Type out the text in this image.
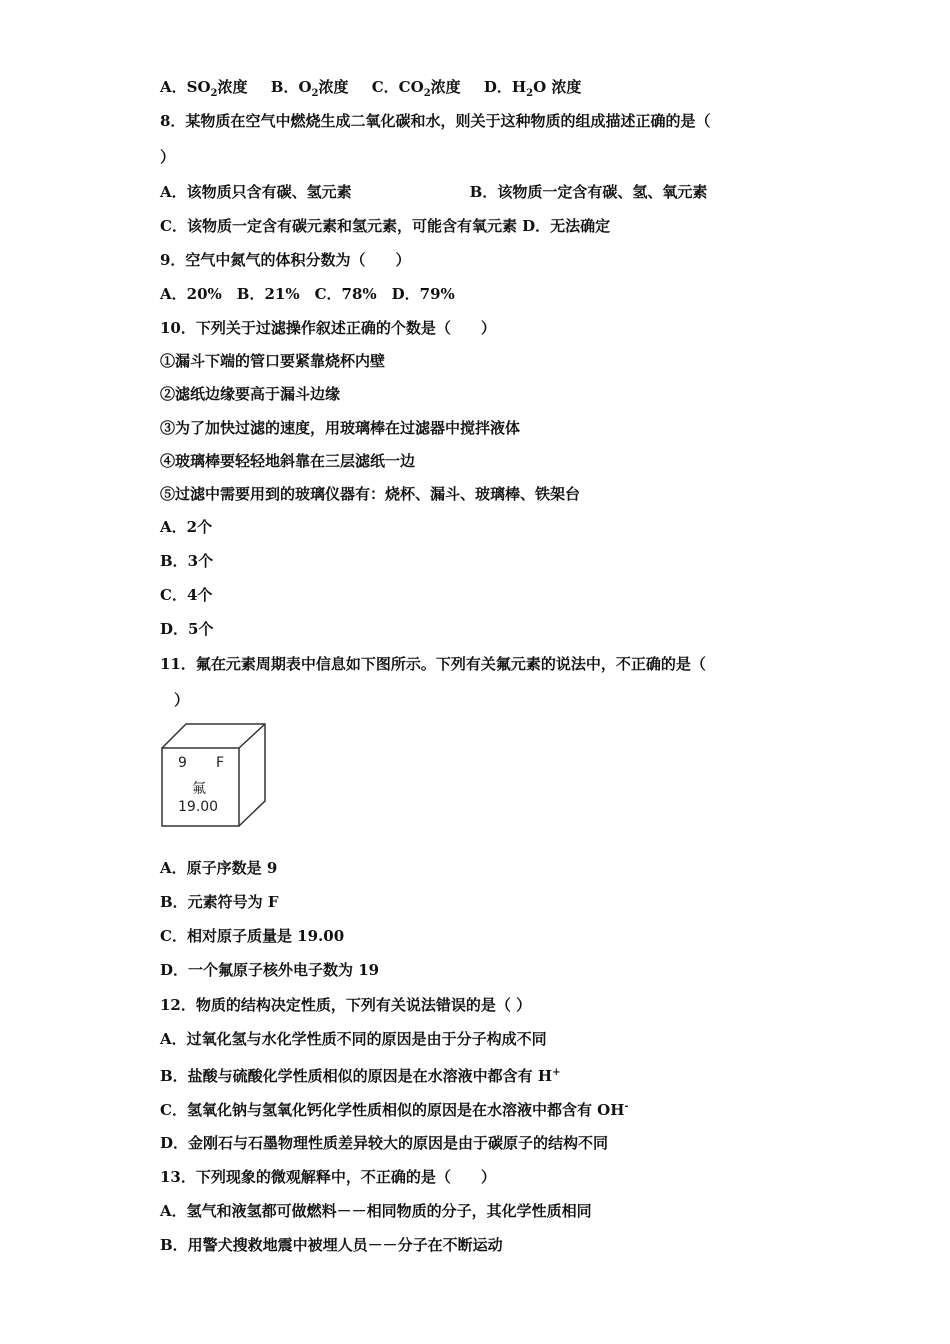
A．$SO_2$浓度 B．$O_2$浓度 C．$CO_2$浓度 D．$H_2O$ 浓度
8．某物质在空气中燃烧生成二氧化碳和水，则关于这种物质的组成描述正确的是（
）
A．该物质只含有碳、氢元素	B．该物质一定含有碳、氢、氧元素
C．该物质一定含有碳元素和氢元素，可能含有氧元素 D．无法确定
9．空气中氮气的体积分数为（　　）
A．20%　B．21%　C．78%　D．79%
10．下列关于过滤操作叙述正确的个数是（　　）
①漏斗下端的管口要紧靠烧杯内壁
②滤纸边缘要高于漏斗边缘
③为了加快过滤的速度，用玻璃棒在过滤器中搅拌液体
④玻璃棒要轻轻地斜靠在三层滤纸一边
⑤过滤中需要用到的玻璃仪器有：烧杯、漏斗、玻璃棒、铁架台
A．2个
B．3个
C．4个
D．5个
11．氟在元素周期表中信息如下图所示。下列有关氟元素的说法中，不正确的是（
）
9 F
氟
19.00
A．原子序数是 9
B．元素符号为 F
C．相对原子质量是 19.00
D．一个氟原子核外电子数为 19
12．物质的结构决定性质，下列有关说法错误的是（ ）
A．过氧化氢与水化学性质不同的原因是由于分子构成不同
B．盐酸与硫酸化学性质相似的原因是在水溶液中都含有 H+
C．氢氧化钠与氢氧化钙化学性质相似的原因是在水溶液中都含有 OH-
D．金刚石与石墨物理性质差异较大的原因是由于碳原子的结构不同
13．下列现象的微观解释中，不正确的是（　　）
A．氢气和液氢都可做燃料－－相同物质的分子，其化学性质相同
B．用警犬搜救地震中被埋人员－－分子在不断运动
